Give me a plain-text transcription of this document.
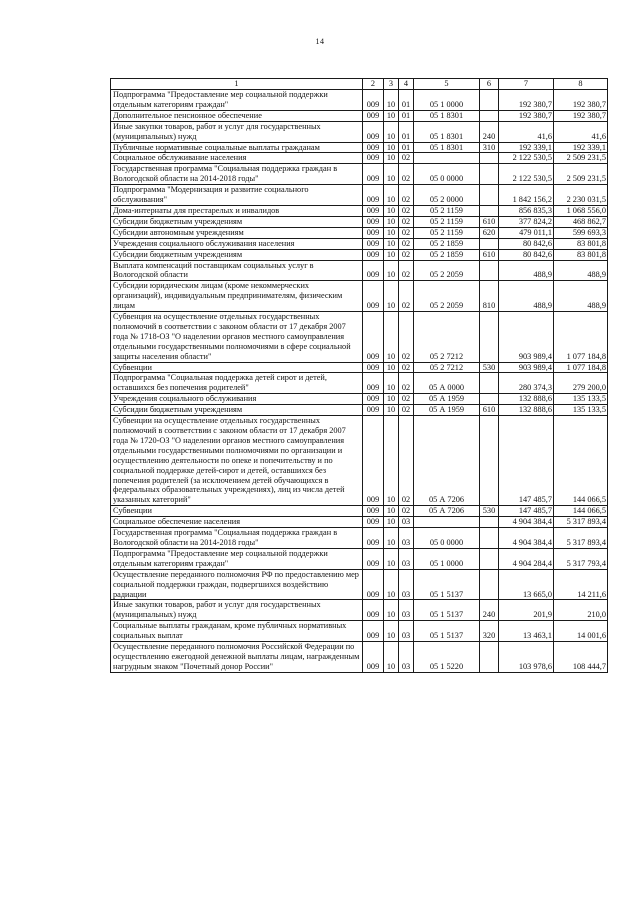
14
1	2	3	4	5	6	7	8
Подпрограмма "Предоставление мер социальной поддержки отдельным категориям граждан"	009	10	01	05 1 0000		192 380,7	192 380,7
Дополнительное пенсионное обеспечение	009	10	01	05 1 8301		192 380,7	192 380,7
Иные закупки товаров, работ и услуг для государственных (муниципальных) нужд	009	10	01	05 1 8301	240	41,6	41,6
Публичные нормативные социальные выплаты гражданам	009	10	01	05 1 8301	310	192 339,1	192 339,1
Социальное обслуживание населения	009	10	02			2 122 530,5	2 509 231,5
Государственная программа "Социальная поддержка граждан в Вологодской области на 2014-2018 годы"	009	10	02	05 0 0000		2 122 530,5	2 509 231,5
Подпрограмма "Модернизация и развитие социального обслуживания"	009	10	02	05 2 0000		1 842 156,2	2 230 031,5
Дома-интернаты для престарелых и инвалидов	009	10	02	05 2 1159		856 835,3	1 068 556,0
Субсидии бюджетным учреждениям	009	10	02	05 2 1159	610	377 824,2	468 862,7
Субсидии автономным учреждениям	009	10	02	05 2 1159	620	479 011,1	599 693,3
Учреждения социального обслуживания населения	009	10	02	05 2 1859		80 842,6	83 801,8
Субсидии бюджетным учреждениям	009	10	02	05 2 1859	610	80 842,6	83 801,8
Выплата компенсаций поставщикам социальных услуг в Вологодской области	009	10	02	05 2 2059		488,9	488,9
Субсидии юридическим лицам (кроме некоммерческих организаций), индивидуальным предпринимателям, физическим лицам	009	10	02	05 2 2059	810	488,9	488,9
Субвенция на осуществление отдельных государственных полномочий в соответствии с законом области от 17 декабря 2007 года № 1718-ОЗ "О наделении органов местного самоуправления отдельными государственными полномочиями в сфере социальной защиты населения области"	009	10	02	05 2 7212		903 989,4	1 077 184,8
Субвенции	009	10	02	05 2 7212	530	903 989,4	1 077 184,8
Подпрограмма "Социальная поддержка детей сирот и детей, оставшихся без попечения родителей"	009	10	02	05 А 0000		280 374,3	279 200,0
Учреждения социального обслуживания	009	10	02	05 А 1959		132 888,6	135 133,5
Субсидии бюджетным учреждениям	009	10	02	05 А 1959	610	132 888,6	135 133,5
Субвенции на осуществление отдельных государственных полномочий в соответствии с законом области от 17 декабря 2007 года № 1720-ОЗ "О наделении органов местного самоуправления отдельными государственными полномочиями по организации и осуществлению деятельности по опеке и попечительству и по социальной поддержке детей-сирот и детей, оставшихся без попечения родителей (за исключением детей обучающихся в федеральных образовательных учреждениях), лиц из числа детей указанных категорий"	009	10	02	05 А 7206		147 485,7	144 066,5
Субвенции	009	10	02	05 А 7206	530	147 485,7	144 066,5
Социальное обеспечение населения	009	10	03			4 904 384,4	5 317 893,4
Государственная программа "Социальная поддержка граждан в Вологодской области на 2014-2018 годы"	009	10	03	05 0 0000		4 904 384,4	5 317 893,4
Подпрограмма "Предоставление мер социальной поддержки отдельным категориям граждан"	009	10	03	05 1 0000		4 904 284,4	5 317 793,4
Осуществление переданного полномочия РФ по предоставлению мер социальной поддержки граждан, подвергшихся воздействию радиации	009	10	03	05 1 5137		13 665,0	14 211,6
Иные закупки товаров, работ и услуг для государственных (муниципальных) нужд	009	10	03	05 1 5137	240	201,9	210,0
Социальные выплаты гражданам, кроме публичных нормативных социальных выплат	009	10	03	05 1 5137	320	13 463,1	14 001,6
Осуществление переданного полномочия Российской Федерации по осуществлению ежегодной денежной выплаты лицам, награжденным нагрудным знаком "Почетный донор России"	009	10	03	05 1 5220		103 978,6	108 444,7
